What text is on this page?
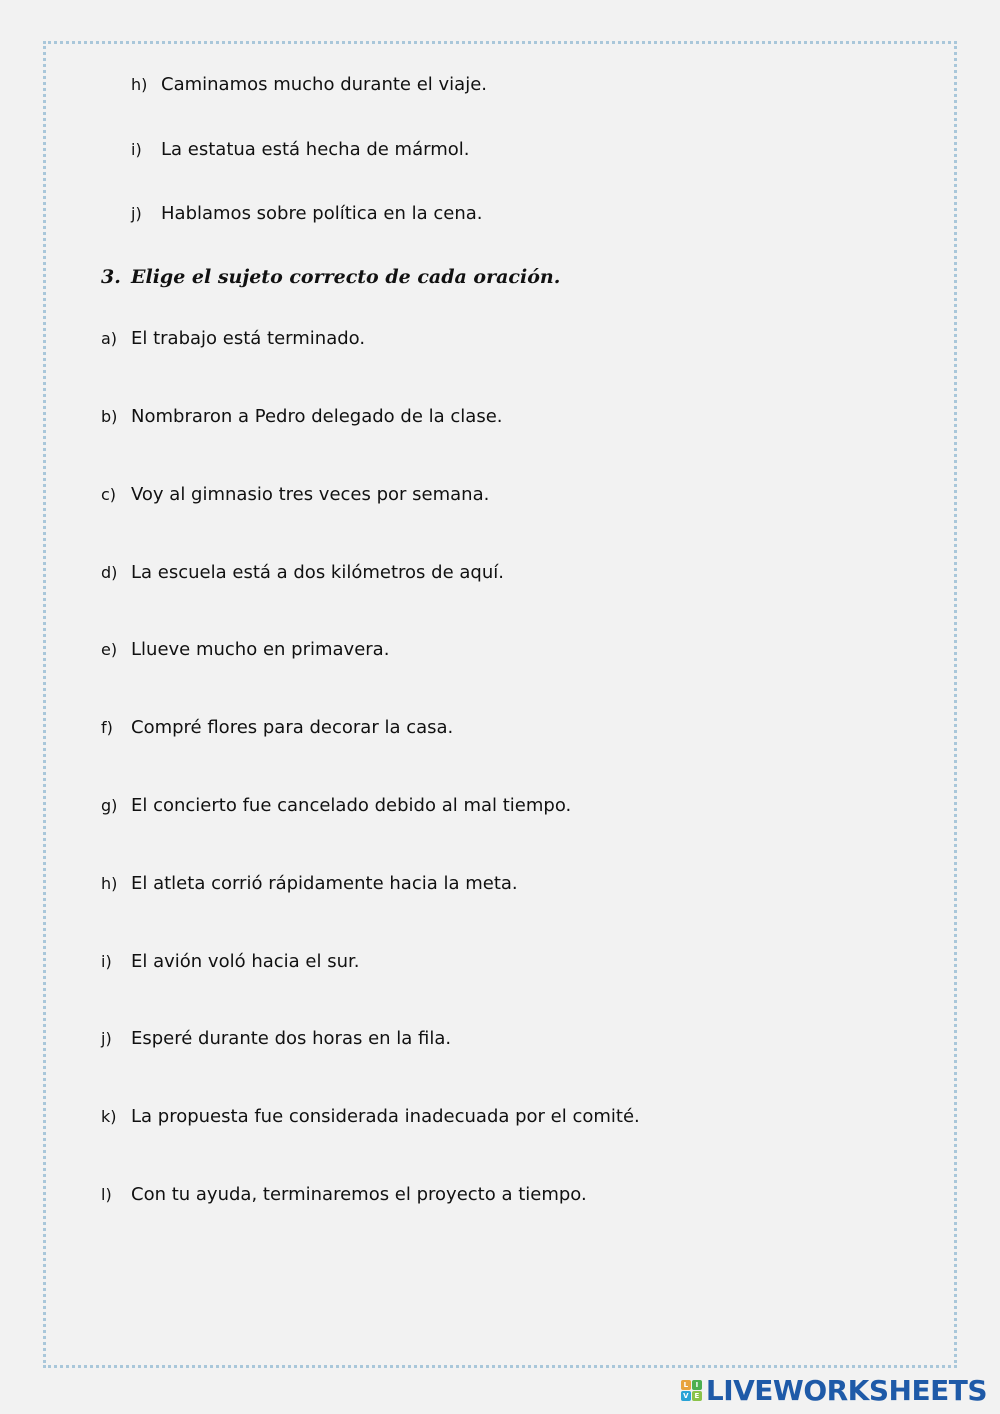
h) Caminamos mucho durante el viaje.
i) La estatua está hecha de mármol.
j) Hablamos sobre política en la cena.
3. Elige el sujeto correcto de cada oración.
a) El trabajo está terminado.
b) Nombraron a Pedro delegado de la clase.
c) Voy al gimnasio tres veces por semana.
d) La escuela está a dos kilómetros de aquí.
e) Llueve mucho en primavera.
f) Compré flores para decorar la casa.
g) El concierto fue cancelado debido al mal tiempo.
h) El atleta corrió rápidamente hacia la meta.
i) El avión voló hacia el sur.
j) Esperé durante dos horas en la fila.
k) La propuesta fue considerada inadecuada por el comité.
l) Con tu ayuda, terminaremos el proyecto a tiempo.
L	I
V E LIVEWORKSHEETS
